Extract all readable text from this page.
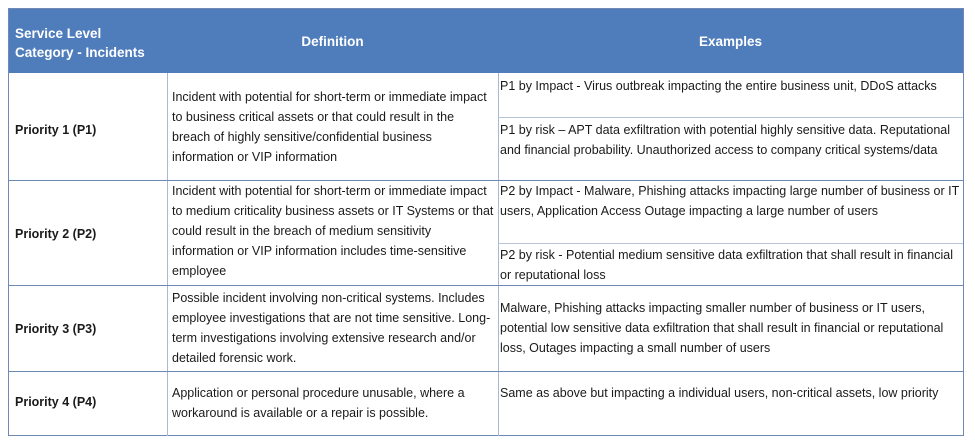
Service Level Category - Incidents
Definition	Examples
Priority 1 (P1)
Incident with potential for short-term or immediate impact to business critical assets or that could result in the breach of highly sensitive/confidential business information or VIP information
P1 by Impact - Virus outbreak impacting the entire business unit, DDoS attacks
P1 by risk – APT data exfiltration with potential highly sensitive data. Reputational and financial probability. Unauthorized access to company critical systems/data
Priority 2 (P2)
Incident with potential for short-term or immediate impact to medium criticality business assets or IT Systems or that could result in the breach of medium sensitivity information or VIP information includes time-sensitive employee
P2 by Impact - Malware, Phishing attacks impacting large number of business or IT users, Application Access Outage impacting a large number of users
P2 by risk - Potential medium sensitive data exfiltration that shall result in financial or reputational loss
Priority 3 (P3)
Possible incident involving non-critical systems. Includes employee investigations that are not time sensitive. Long-term investigations involving extensive research and/or detailed forensic work.
Malware, Phishing attacks impacting smaller number of business or IT users, potential low sensitive data exfiltration that shall result in financial or reputational loss, Outages impacting a small number of users
Priority 4 (P4)
Application or personal procedure unusable, where a workaround is available or a repair is possible.
Same as above but impacting a individual users, non-critical assets, low priority
